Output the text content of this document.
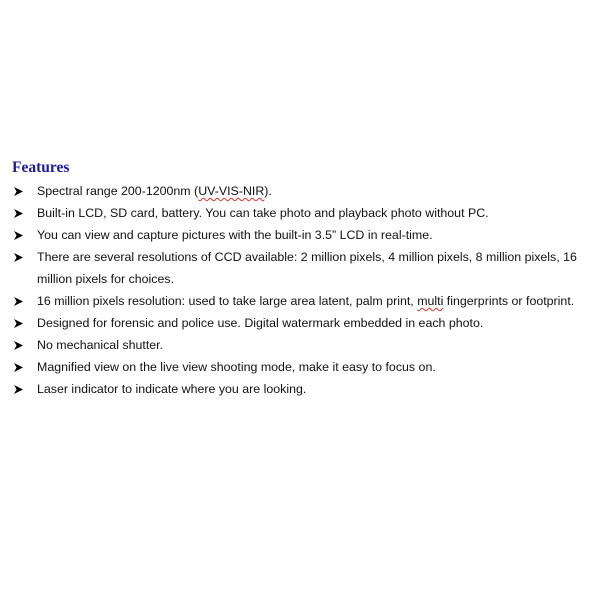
Features
Spectral range 200-1200nm (UV-VIS-NIR).
Built-in LCD, SD card, battery. You can take photo and playback photo without PC.
You can view and capture pictures with the built-in 3.5” LCD in real-time.
There are several resolutions of CCD available: 2 million pixels, 4 million pixels, 8 million pixels, 16 million pixels for choices.
16 million pixels resolution: used to take large area latent, palm print, multi fingerprints or footprint.
Designed for forensic and police use. Digital watermark embedded in each photo.
No mechanical shutter.
Magnified view on the live view shooting mode, make it easy to focus on.
Laser indicator to indicate where you are looking.
